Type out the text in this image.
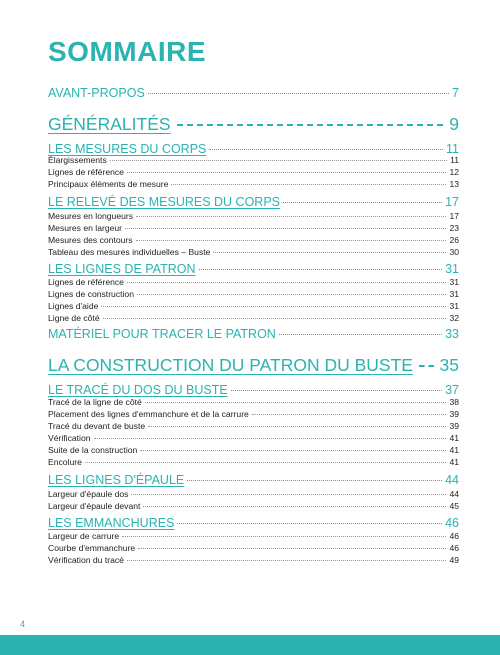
SOMMAIRE
AVANT-PROPOS	7
GÉNÉRALITÉS	9
LES MESURES DU CORPS	11
Élargissements	11
Lignes de référence	12
Principaux éléments de mesure	13
LE RELEVÉ DES MESURES DU CORPS	17
Mesures en longueurs	17
Mesures en largeur	23
Mesures des contours	26
Tableau des mesures individuelles – Buste	30
LES LIGNES DE PATRON	31
Lignes de référence	31
Lignes de construction	31
Lignes d'aide	31
Ligne de côté	32
MATÉRIEL POUR TRACER LE PATRON	33
LA CONSTRUCTION DU PATRON DU BUSTE 35
LE TRACÉ DU DOS DU BUSTE	37
Tracé de la ligne de côté	38
Placement des lignes d'emmanchure et de la carrure	39
Tracé du devant de buste	39
Vérification	41
Suite de la construction	41
Encolure	41
LES LIGNES D'ÉPAULE	44
Largeur d'épaule dos	44
Largeur d'épaule devant	45
LES EMMANCHURES	46
Largeur de carrure	46
Courbe d'emmanchure	46
Vérification du tracé	49
4
